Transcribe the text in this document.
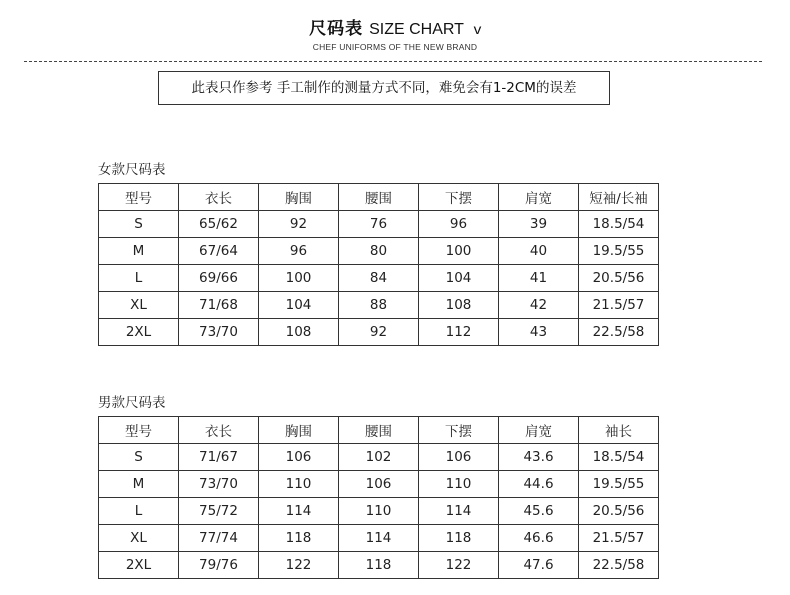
尺码表 SIZE CHART v
CHEF UNIFORMS OF THE NEW BRAND
此表只作参考 手工制作的测量方式不同，难免会有1-2CM的误差
女款尺码表
型号	衣长	胸围	腰围	下摆	肩宽	短袖/长袖
S	65/62	92	76	96	39	18.5/54
M	67/64	96	80	100	40	19.5/55
L	69/66	100	84	104	41	20.5/56
XL	71/68	104	88	108	42	21.5/57
2XL	73/70	108	92	112	43	22.5/58
男款尺码表
型号	衣长	胸围	腰围	下摆	肩宽	袖长
S	71/67	106	102	106	43.6	18.5/54
M	73/70	110	106	110	44.6	19.5/55
L	75/72	114	110	114	45.6	20.5/56
XL	77/74	118	114	118	46.6	21.5/57
2XL	79/76	122	118	122	47.6	22.5/58
